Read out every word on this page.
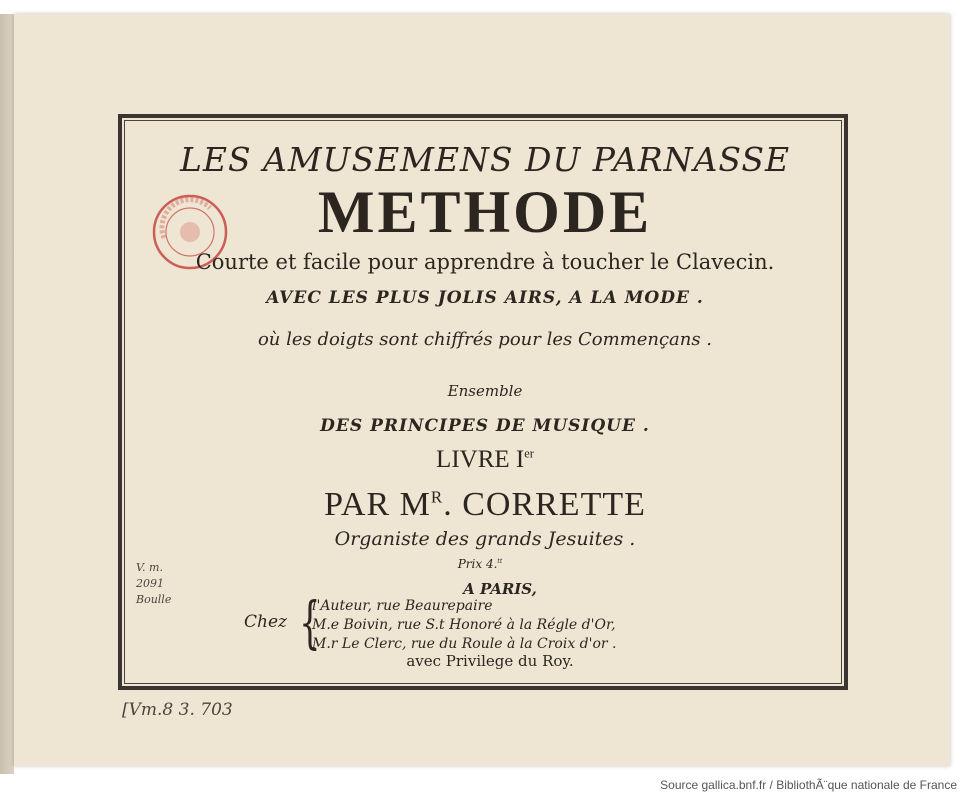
LES AMUSEMENS DU PARNASSE
METHODE
Courte et facile pour apprendre à toucher le Clavecin.
AVEC LES PLUS JOLIS AIRS, A LA MODE .
où les doigts sont chiffrés pour les Commençans .
Ensemble
DES PRINCIPES DE MUSIQUE .
LIVRE Ier
PAR $M^R$. CORRETTE
Organiste des grands Jesuites .
Prix 4.$^{tt}$
A PARIS,
Chez {
l'Auteur, rue Beaurepaire
M.e Boivin, rue S.t Honoré à la Régle d'Or,
M.r Le Clerc, rue du Roule à la Croix d'or .
avec Privilege du Roy.
V. m.
2091
Boulle
[Vm.8 3. 703
Source gallica.bnf.fr / BibliothÃ¨que nationale de France
